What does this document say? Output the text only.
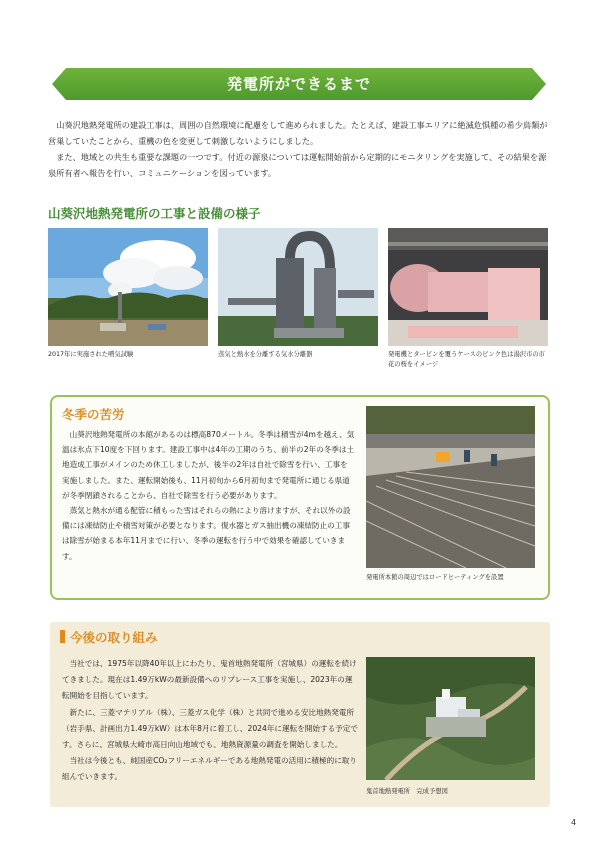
発電所ができるまで

山葵沢地熱発電所の建設工事は、周囲の自然環境に配慮をして進められました。たとえば、建設工事エリアに絶滅危惧種の希少鳥類が営巣していたことから、重機の色を変更して刺激しないようにしました。

また、地域との共生も重要な課題の一つです。付近の源泉については運転開始前から定期的にモニタリングを実施して、その結果を源泉所有者へ報告を行い、コミュニケーションを図っています。

山葵沢地熱発電所の工事と設備の様子
2017年に実施された噴気試験	蒸気と熱水を分離する気水分離器	発電機とタービンを覆うケースのピンク色は湯沢市の市花の桜をイメージ
冬季の苦労

山葵沢地熱発電所の本館があるのは標高870メートル。冬季は積雪が4mを越え、気温は氷点下10度を下回ります。建設工事中は4年の工期のうち、前半の2年の冬季は土地造成工事がメインのため休工しましたが、後半の2年は自社で除雪を行い、工事を実施しました。また、運転開始後も、11月初旬から6月初旬まで発電所に通じる県道が冬季閉鎖されることから、自社で除雪を行う必要があります。

蒸気と熱水が通る配管に積もった雪はそれらの熱により溶けますが、それ以外の設備には凍結防止や積雪対策が必要となります。復水器とガス抽出機の凍結防止の工事は除雪が始まる本年11月までに行い、冬季の運転を行う中で効果を確認していきます。

発電所本館の周辺ではロードヒーティングを設置
今後の取り組み

当社では、1975年以降40年以上にわたり、鬼首地熱発電所（宮城県）の運転を続けてきました。現在は1.49万kWの最新設備へのリプレース工事を実施し、2023年の運転開始を目指しています。

新たに、三菱マテリアル（株）、三菱ガス化学（株）と共同で進める安比地熱発電所（岩手県、計画出力1.49万kW）は本年8月に着工し、2024年に運転を開始する予定です。さらに、宮城県大崎市高日向山地域でも、地熱資源量の調査を開始しました。

当社は今後とも、純国産CO₂フリーエネルギーである地熱発電の活用に積極的に取り組んでいきます。

鬼首地熱発電所　完成予想図
4
